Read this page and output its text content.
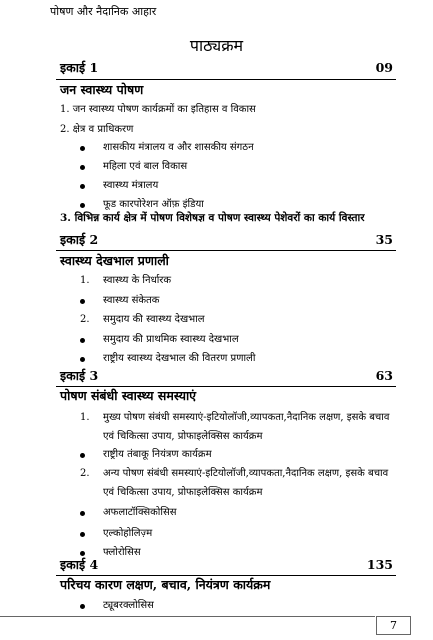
पोषण और नैदानिक आहार
पाठ्यक्रम
इकाई 1	09
जन स्वास्थ्य पोषण
1. जन स्वास्थ्य पोषण कार्यक्रमों का इतिहास व विकास
2. क्षेत्र व प्राधिकरण
शासकीय मंत्रालय व और शासकीय संगठन
महिला एवं बाल विकास
स्वास्थ्य मंत्रालय
फूड कारपोरेशन ऑफ़ इंडिया
3. विभिन्न कार्य क्षेत्र में पोषण विशेषज्ञ व पोषण स्वास्थ्य पेशेवरों का कार्य विस्तार
इकाई 2	35
स्वास्थ्य देखभाल प्रणाली
1. स्वास्थ्य के निर्धारक
स्वास्थ्य संकेतक
2. समुदाय की स्वास्थ्य देखभाल
समुदाय की प्राथमिक स्वास्थ्य देखभाल
राष्ट्रीय स्वास्थ्य देखभाल की वितरण प्रणाली
इकाई 3	63
पोषण संबंधी स्वास्थ्य समस्याएं
1. मुख्य पोषण संबंधी समस्याएं-इटियोलॉजी,व्यापकता,नैदानिक लक्षण, इसके बचाव
एवं चिकित्सा उपाय, प्रोफाइलेक्सिस कार्यक्रम
राष्ट्रीय तंबाकू नियंत्रण कार्यक्रम
2. अन्य पोषण संबंधी समस्याएं-इटियोलॉजी,व्यापकता,नैदानिक लक्षण, इसके बचाव
एवं चिकित्सा उपाय, प्रोफाइलेक्सिस कार्यक्रम
अफलाटॉक्सिकोसिस
एल्कोहोलिज़्म
फ्लोरोसिस
इकाई 4	135
परिचय कारण लक्षण, बचाव, नियंत्रण कार्यक्रम
ट्यूबरक्लोसिस
7
